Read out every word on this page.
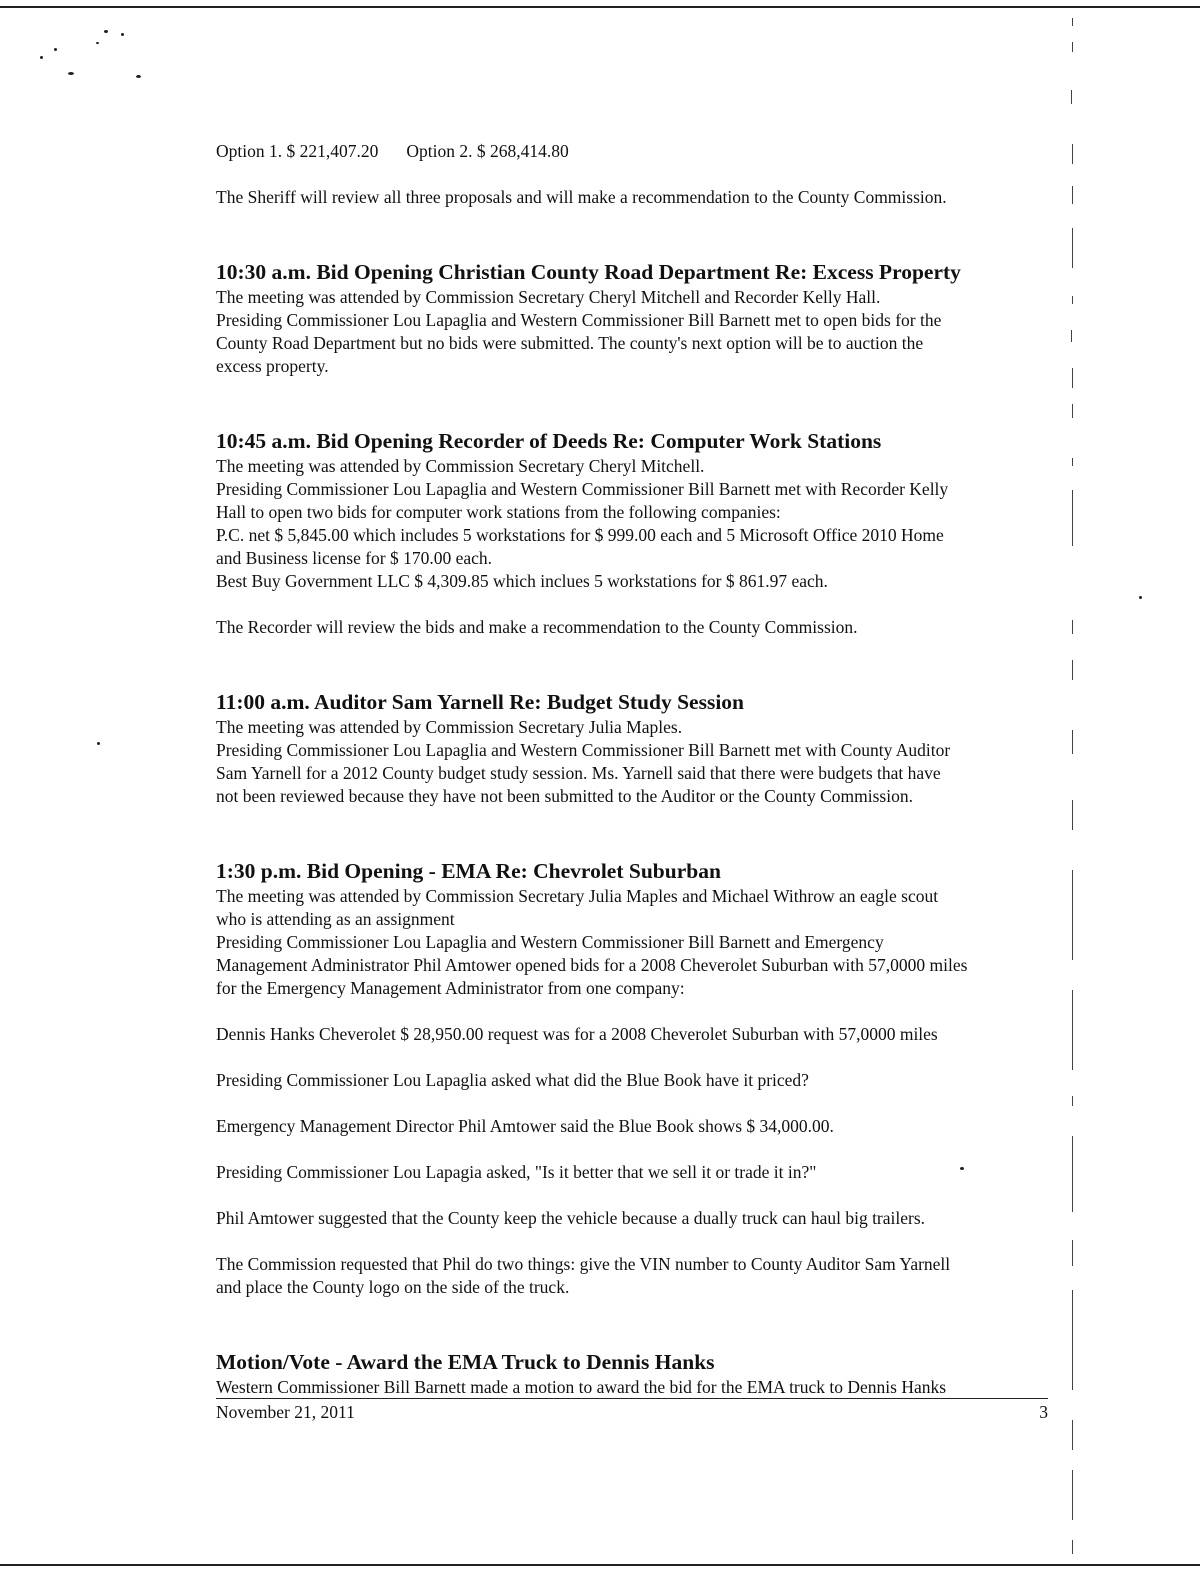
Option 1. $ 221,407.20 Option 2. $ 268,414.80

The Sheriff will review all three proposals and will make a recommendation to the County Commission.

10:30 a.m. Bid Opening Christian County Road Department Re: Excess Property

The meeting was attended by Commission Secretary Cheryl Mitchell and Recorder Kelly Hall.

Presiding Commissioner Lou Lapaglia and Western Commissioner Bill Barnett met to open bids for the

County Road Department but no bids were submitted. The county's next option will be to auction the

excess property.

10:45 a.m. Bid Opening Recorder of Deeds Re: Computer Work Stations

The meeting was attended by Commission Secretary Cheryl Mitchell.

Presiding Commissioner Lou Lapaglia and Western Commissioner Bill Barnett met with Recorder Kelly

Hall to open two bids for computer work stations from the following companies:

P.C. net $ 5,845.00 which includes 5 workstations for $ 999.00 each and 5 Microsoft Office 2010 Home

and Business license for $ 170.00 each.

Best Buy Government LLC $ 4,309.85 which inclues 5 workstations for $ 861.97 each.

The Recorder will review the bids and make a recommendation to the County Commission.

11:00 a.m. Auditor Sam Yarnell Re: Budget Study Session

The meeting was attended by Commission Secretary Julia Maples.

Presiding Commissioner Lou Lapaglia and Western Commissioner Bill Barnett met with County Auditor

Sam Yarnell for a 2012 County budget study session. Ms. Yarnell said that there were budgets that have

not been reviewed because they have not been submitted to the Auditor or the County Commission.

1:30 p.m. Bid Opening - EMA Re: Chevrolet Suburban

The meeting was attended by Commission Secretary Julia Maples and Michael Withrow an eagle scout

who is attending as an assignment

Presiding Commissioner Lou Lapaglia and Western Commissioner Bill Barnett and Emergency

Management Administrator Phil Amtower opened bids for a 2008 Cheverolet Suburban with 57,0000 miles

for the Emergency Management Administrator from one company:

Dennis Hanks Cheverolet $ 28,950.00 request was for a 2008 Cheverolet Suburban with 57,0000 miles

Presiding Commissioner Lou Lapaglia asked what did the Blue Book have it priced?

Emergency Management Director Phil Amtower said the Blue Book shows $ 34,000.00.

Presiding Commissioner Lou Lapagia asked, "Is it better that we sell it or trade it in?"

Phil Amtower suggested that the County keep the vehicle because a dually truck can haul big trailers.

The Commission requested that Phil do two things: give the VIN number to County Auditor Sam Yarnell

and place the County logo on the side of the truck.

Motion/Vote - Award the EMA Truck to Dennis Hanks

Western Commissioner Bill Barnett made a motion to award the bid for the EMA truck to Dennis Hanks

November 21, 2011	3
